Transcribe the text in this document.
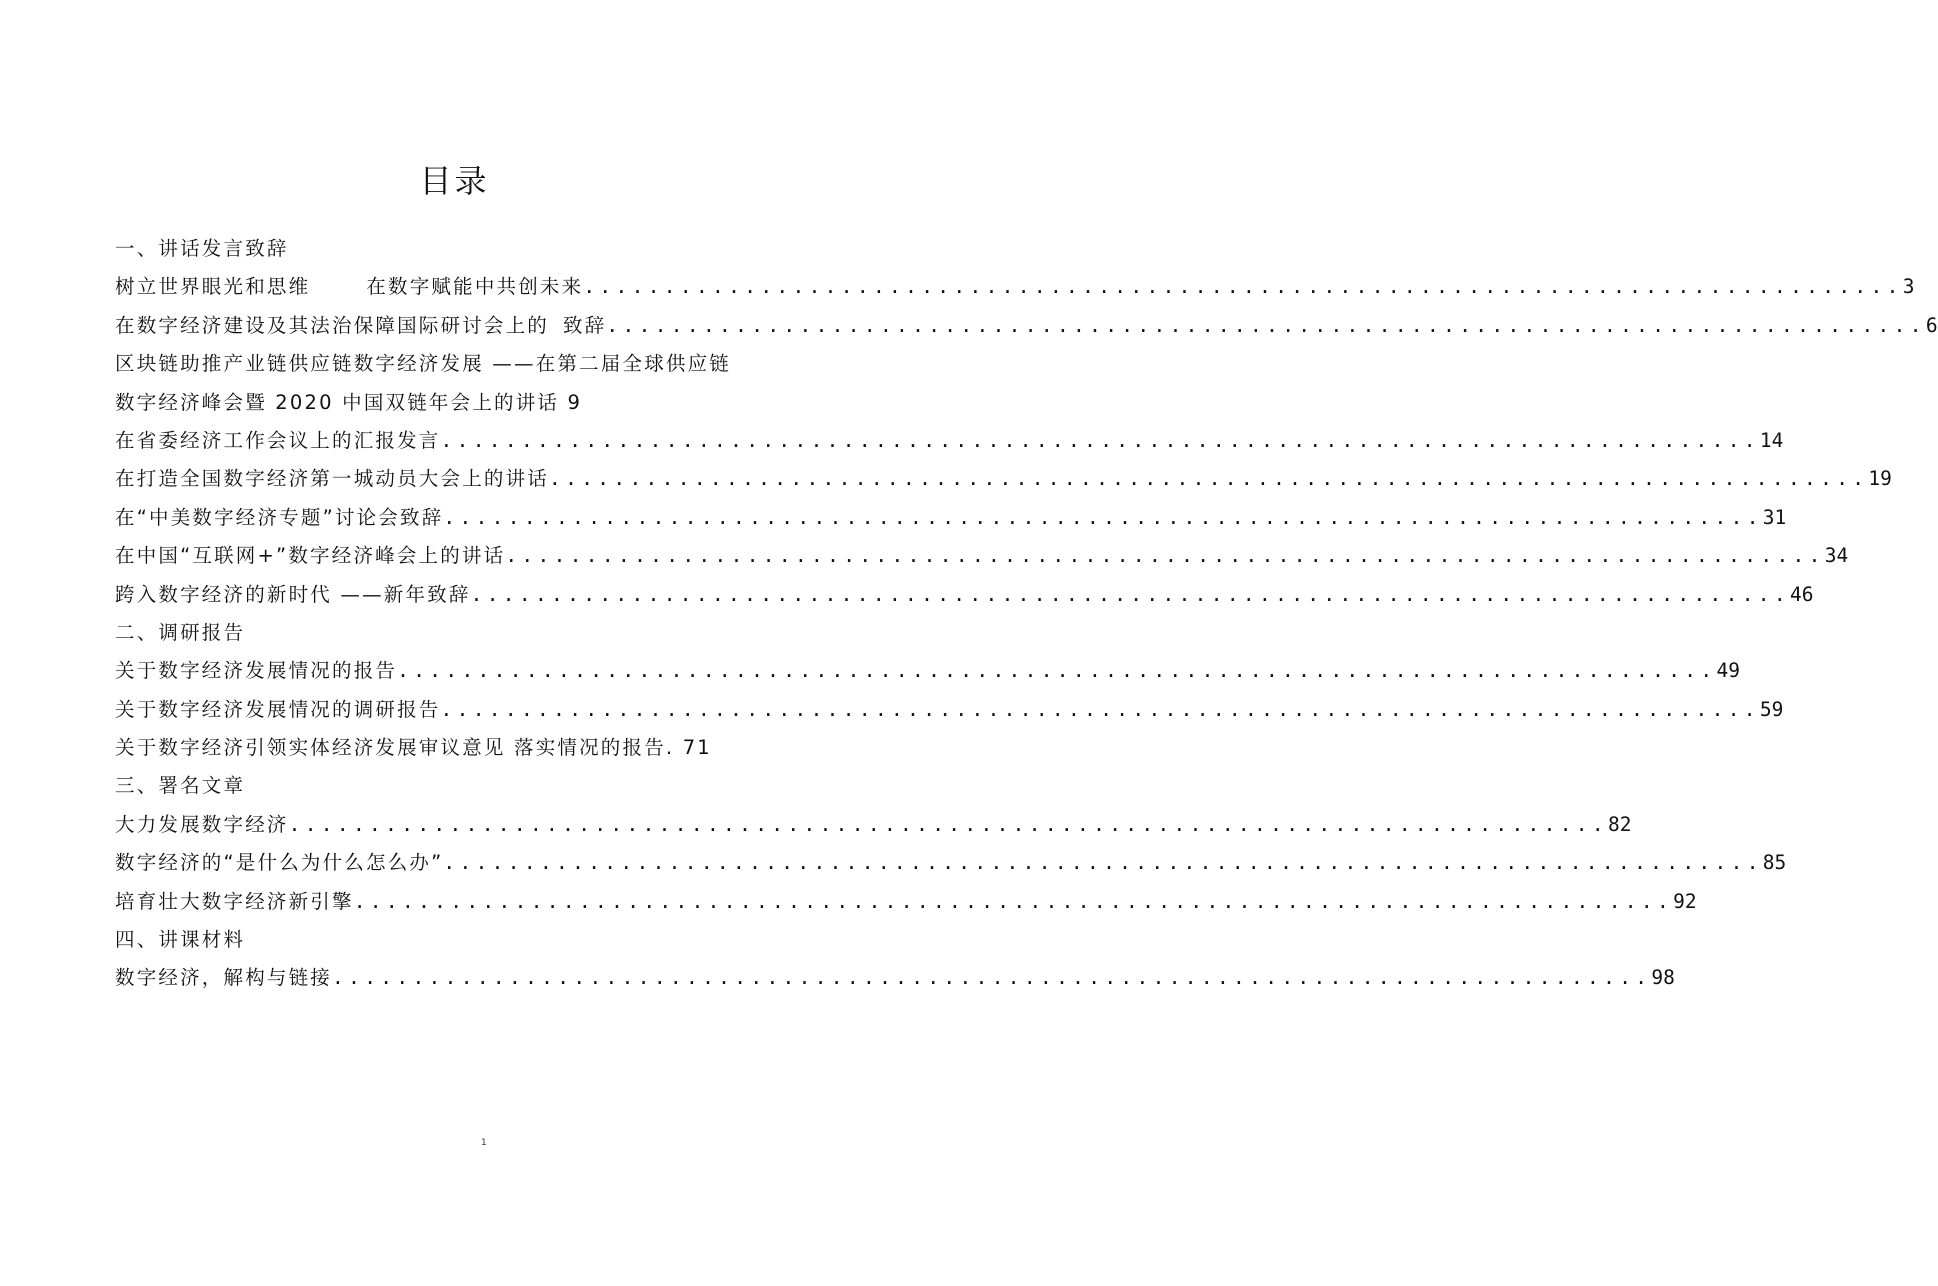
目录
一、讲话发言致辞
树立世界眼光和思维	在数字赋能中共创未来 .................................................................................. 3
在数字经济建设及其法治保障国际研讨会上的 致辞 .................................................................................. 6
区块链助推产业链供应链数字经济发展 ——在第二届全球供应链
数字经济峰会暨 2020 中国双链年会上的讲话 9
在省委经济工作会议上的汇报发言 .................................................................................. 14
在打造全国数字经济第一城动员大会上的讲话 .................................................................................. 19
在“中美数字经济专题”讨论会致辞 .................................................................................. 31
在中国“互联网+”数字经济峰会上的讲话 .................................................................................. 34
跨入数字经济的新时代 ——新年致辞 .................................................................................. 46
二、调研报告
关于数字经济发展情况的报告 .................................................................................. 49
关于数字经济发展情况的调研报告 .................................................................................. 59
关于数字经济引领实体经济发展审议意见 落实情况的报告. 71
三、署名文章
大力发展数字经济 .................................................................................. 82
数字经济的“是什么为什么怎么办” .................................................................................. 85
培育壮大数字经济新引擎 .................................................................................. 92
四、讲课材料
数字经济，解构与链接 .................................................................................. 98
1
